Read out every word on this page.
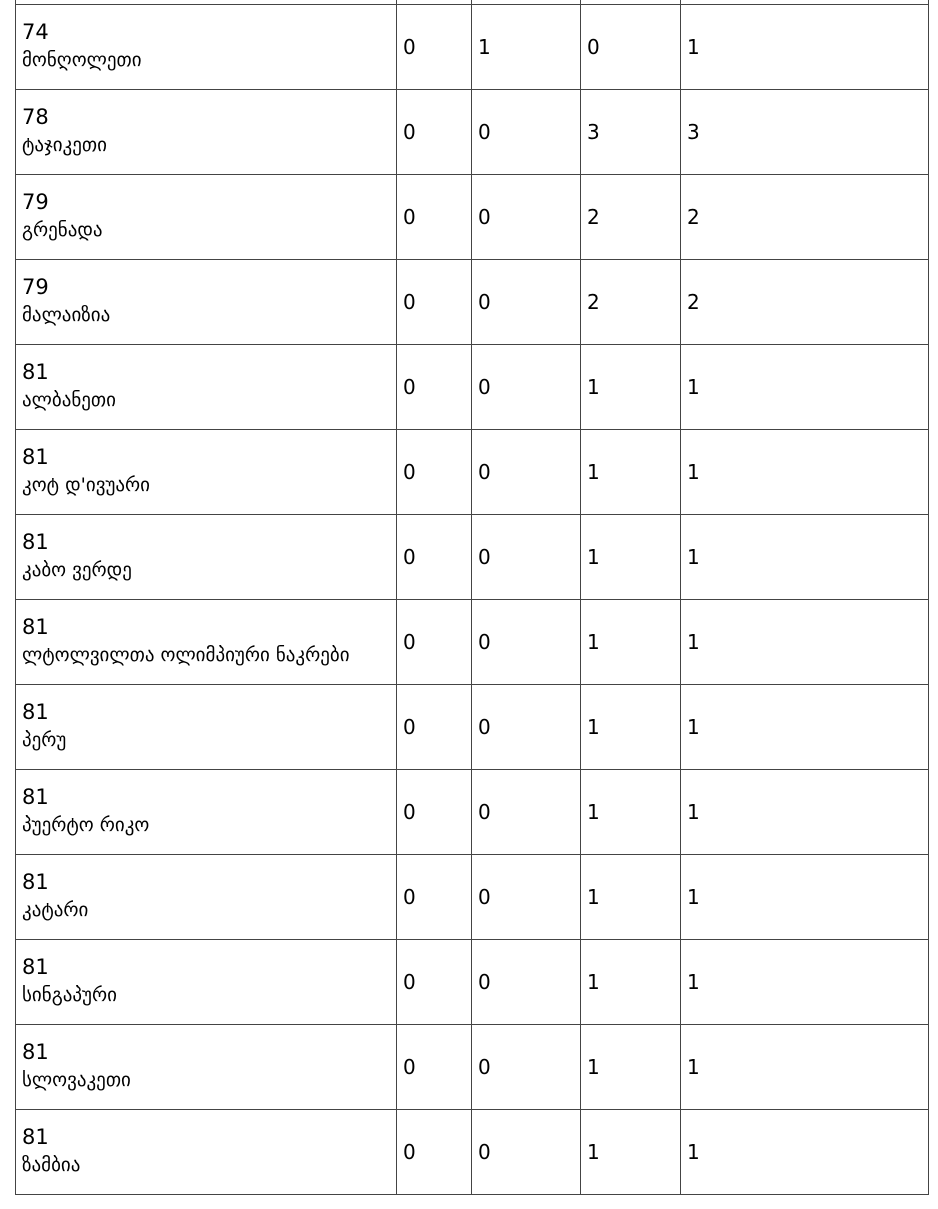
74
მონღოლეთი	0	1	0	1

78
ტაჯიკეთი	0	0	3	3

79
გრენადა	0	0	2	2

79
მალაიზია	0	0	2	2

81
ალბანეთი	0	0	1	1

81
კოტ დ'ივუარი	0	0	1	1

81
კაბო ვერდე	0	0	1	1

81
ლტოლვილთა ოლიმპიური ნაკრები	0	0	1	1

81
პერუ	0	0	1	1

81
პუერტო რიკო	0	0	1	1

81
კატარი	0	0	1	1

81
სინგაპური	0	0	1	1

81
სლოვაკეთი	0	0	1	1

81
ზამბია	0	0	1	1
